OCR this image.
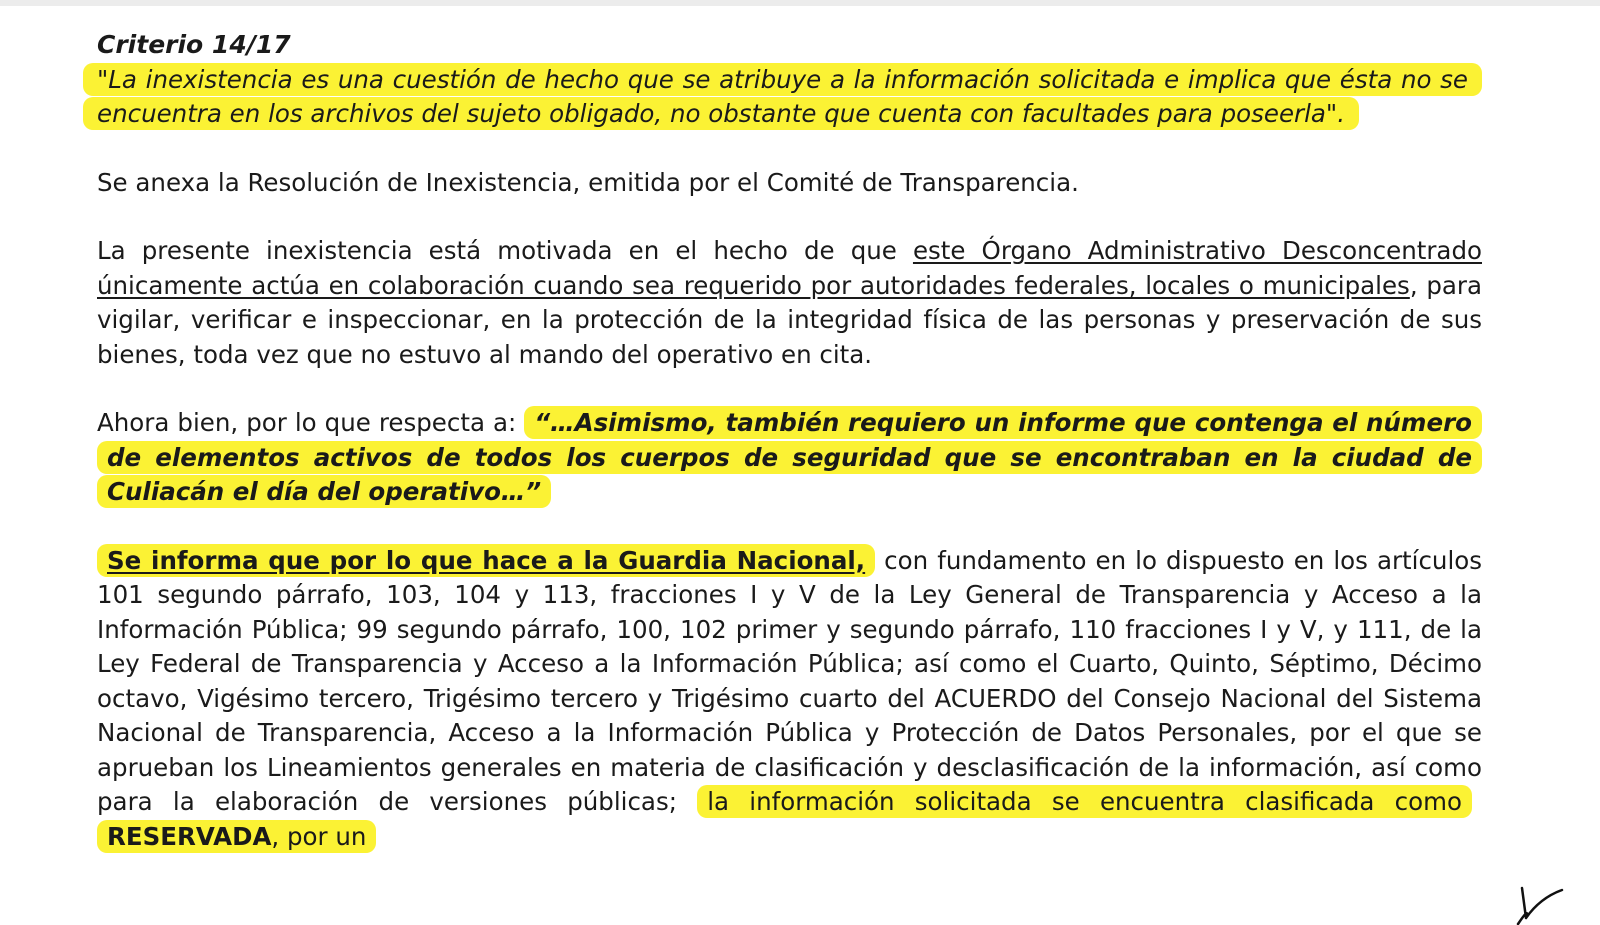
Criterio 14/17

"La inexistencia es una cuestión de hecho que se atribuye a la información solicitada e implica que ésta no se encuentra en los archivos del sujeto obligado, no obstante que cuenta con facultades para poseerla".

Se anexa la Resolución de Inexistencia, emitida por el Comité de Transparencia.

La presente inexistencia está motivada en el hecho de que este Órgano Administrativo Desconcentrado únicamente actúa en colaboración cuando sea requerido por autoridades federales, locales o municipales, para vigilar, verificar e inspeccionar, en la protección de la integridad física de las personas y preservación de sus bienes, toda vez que no estuvo al mando del operativo en cita.

Ahora bien, por lo que respecta a: “…Asimismo, también requiero un informe que contenga el número de elementos activos de todos los cuerpos de seguridad que se encontraban en la ciudad de Culiacán el día del operativo…”

Se informa que por lo que hace a la Guardia Nacional, con fundamento en lo dispuesto en los artículos 101 segundo párrafo, 103, 104 y 113, fracciones I y V de la Ley General de Transparencia y Acceso a la Información Pública; 99 segundo párrafo, 100, 102 primer y segundo párrafo, 110 fracciones I y V, y 111, de la Ley Federal de Transparencia y Acceso a la Información Pública; así como el Cuarto, Quinto, Séptimo, Décimo octavo, Vigésimo tercero, Trigésimo tercero y Trigésimo cuarto del ACUERDO del Consejo Nacional del Sistema Nacional de Transparencia, Acceso a la Información Pública y Protección de Datos Personales, por el que se aprueban los Lineamientos generales en materia de clasificación y desclasificación de la información, así como para la elaboración de versiones públicas; la información solicitada se encuentra clasificada como RESERVADA, por un
